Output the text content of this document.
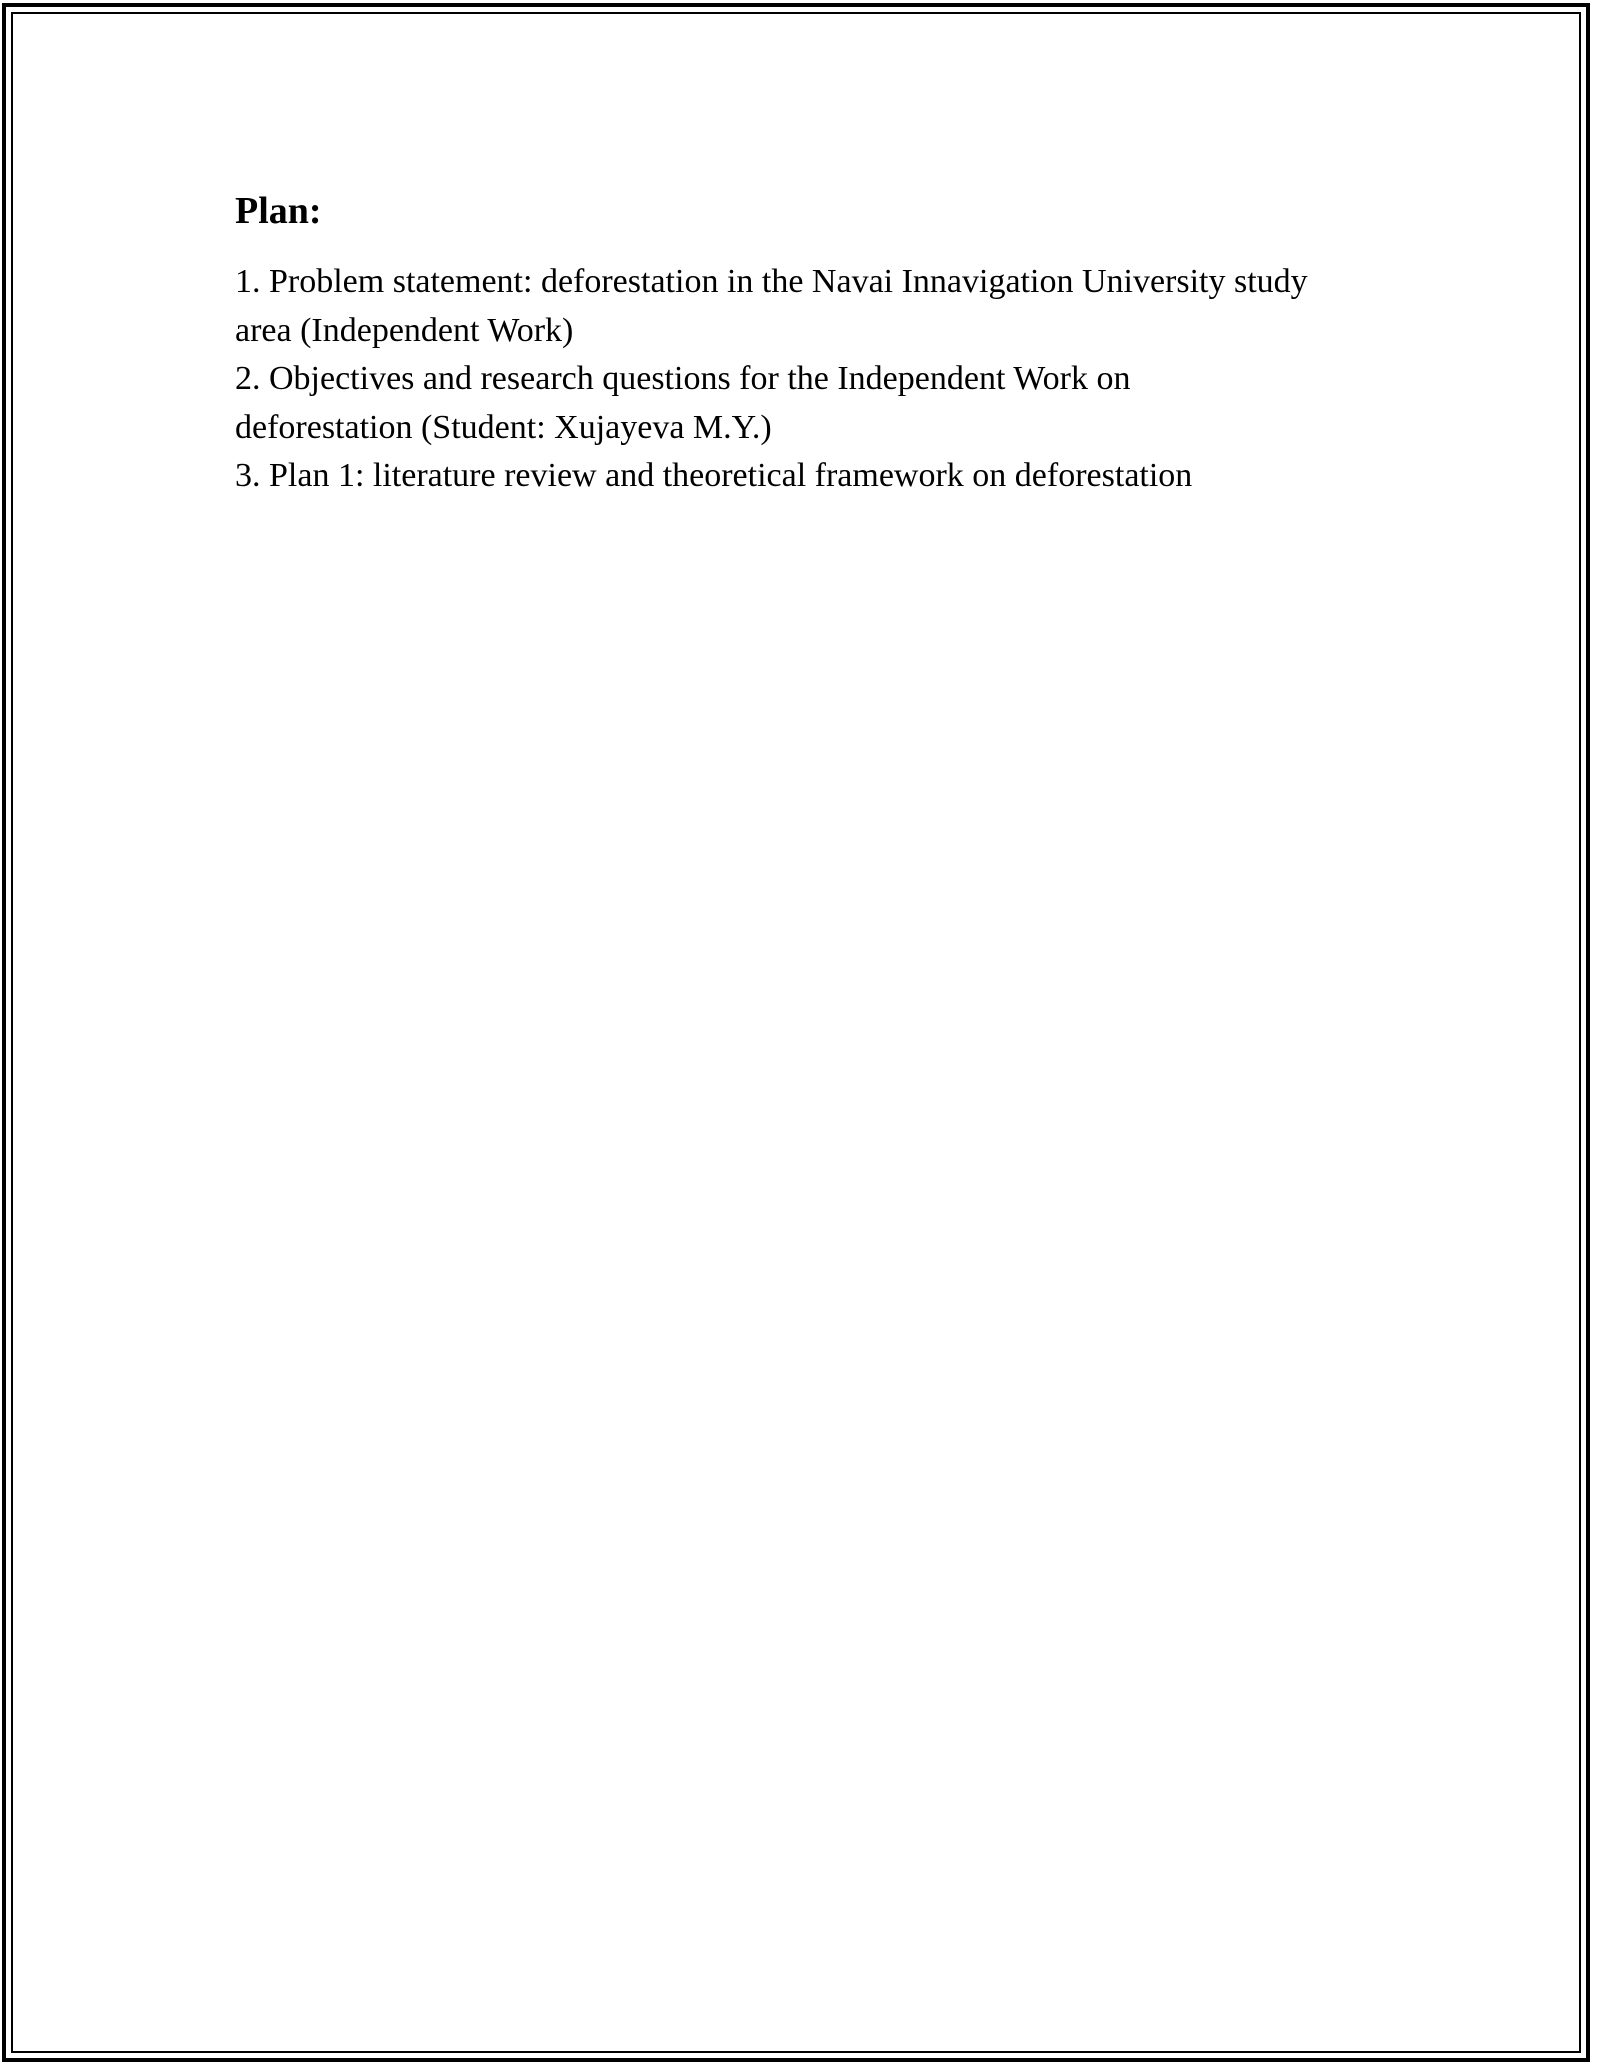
Plan:
1. Problem statement: deforestation in the Navai Innavigation University study area (Independent Work)
2. Objectives and research questions for the Independent Work on deforestation (Student: Xujayeva M.Y.)
3. Plan 1: literature review and theoretical framework on deforestation
